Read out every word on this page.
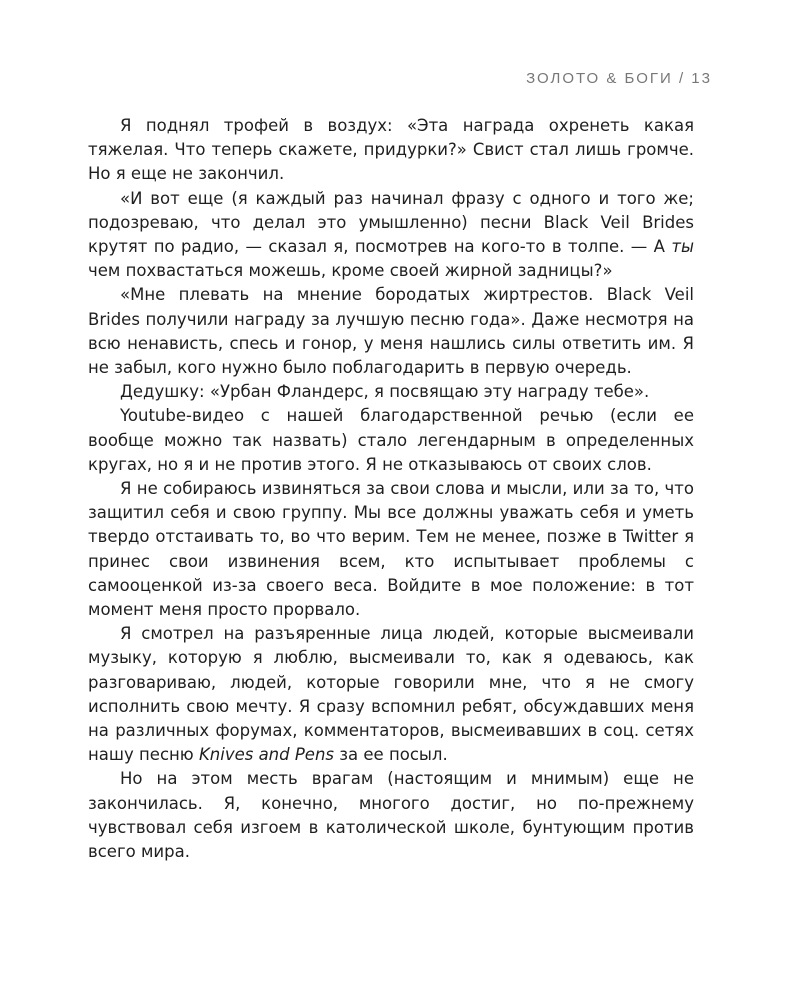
ЗОЛОТО & БОГИ / 13

Я поднял трофей в воздух: «Эта награда охренеть какая тяжелая. Что теперь скажете, придурки?» Свист стал лишь громче. Но я еще не закончил.

«И вот еще (я каждый раз начинал фразу с одного и того же; подозреваю, что делал это умышленно) песни Black Veil Brides крутят по радио, — сказал я, посмотрев на кого-то в толпе. — А ты чем похвастаться можешь, кроме своей жирной задницы?»

«Мне плевать на мнение бородатых жиртрестов. Black Veil Brides получили награду за лучшую песню года». Даже несмотря на всю ненависть, спесь и гонор, у меня нашлись силы ответить им. Я не забыл, кого нужно было поблагодарить в первую очередь.

Дедушку: «Урбан Фландерс, я посвящаю эту награду тебе».

Youtube-видео с нашей благодарственной речью (если ее вообще можно так назвать) стало легендарным в определенных кругах, но я и не против этого. Я не отказываюсь от своих слов.

Я не собираюсь извиняться за свои слова и мысли, или за то, что защитил себя и свою группу. Мы все должны уважать себя и уметь твердо отстаивать то, во что верим. Тем не менее, позже в Twitter я принес свои извинения всем, кто испытывает проблемы с самооценкой из-за своего веса. Войдите в мое положение: в тот момент меня просто прорвало.

Я смотрел на разъяренные лица людей, которые высмеивали музыку, которую я люблю, высмеивали то, как я одеваюсь, как разговариваю, людей, которые говорили мне, что я не смогу исполнить свою мечту. Я сразу вспомнил ребят, обсуждавших меня на различных форумах, комментаторов, высмеивавших в соц. сетях нашу песню Knives and Pens за ее посыл.

Но на этом месть врагам (настоящим и мнимым) еще не закончилась. Я, конечно, многого достиг, но по-прежнему чувствовал себя изгоем в католической школе, бунтующим против всего мира.
